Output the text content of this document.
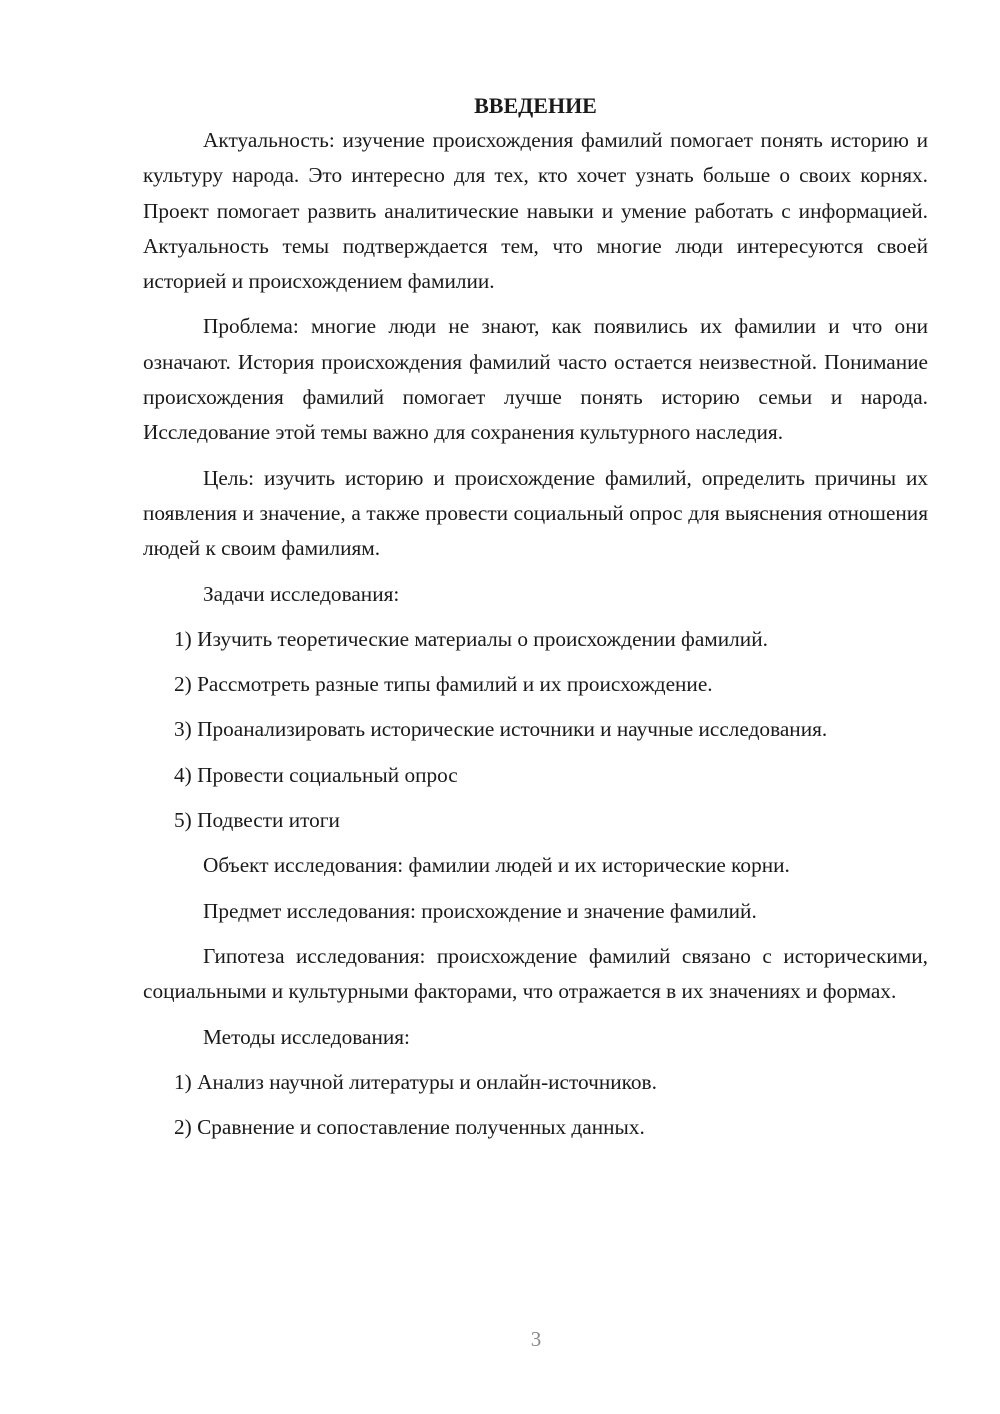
ВВЕДЕНИЕ

Актуальность: изучение происхождения фамилий помогает понять историю и культуру народа. Это интересно для тех, кто хочет узнать больше о своих корнях. Проект помогает развить аналитические навыки и умение работать с информацией. Актуальность темы подтверждается тем, что многие люди интересуются своей историей и происхождением фамилии.

Проблема: многие люди не знают, как появились их фамилии и что они означают. История происхождения фамилий часто остается неизвестной. Понимание происхождения фамилий помогает лучше понять историю семьи и народа. Исследование этой темы важно для сохранения культурного наследия.

Цель: изучить историю и происхождение фамилий, определить причины их появления и значение, а также провести социальный опрос для выяснения отношения людей к своим фамилиям.

Задачи исследования:

1) Изучить теоретические материалы о происхождении фамилий.

2) Рассмотреть разные типы фамилий и их происхождение.

3) Проанализировать исторические источники и научные исследования.

4) Провести социальный опрос

5) Подвести итоги

Объект исследования: фамилии людей и их исторические корни.

Предмет исследования: происхождение и значение фамилий.

Гипотеза исследования: происхождение фамилий связано с историческими, социальными и культурными факторами, что отражается в их значениях и формах.

Методы исследования:

1) Анализ научной литературы и онлайн-источников.

2) Сравнение и сопоставление полученных данных.

3
